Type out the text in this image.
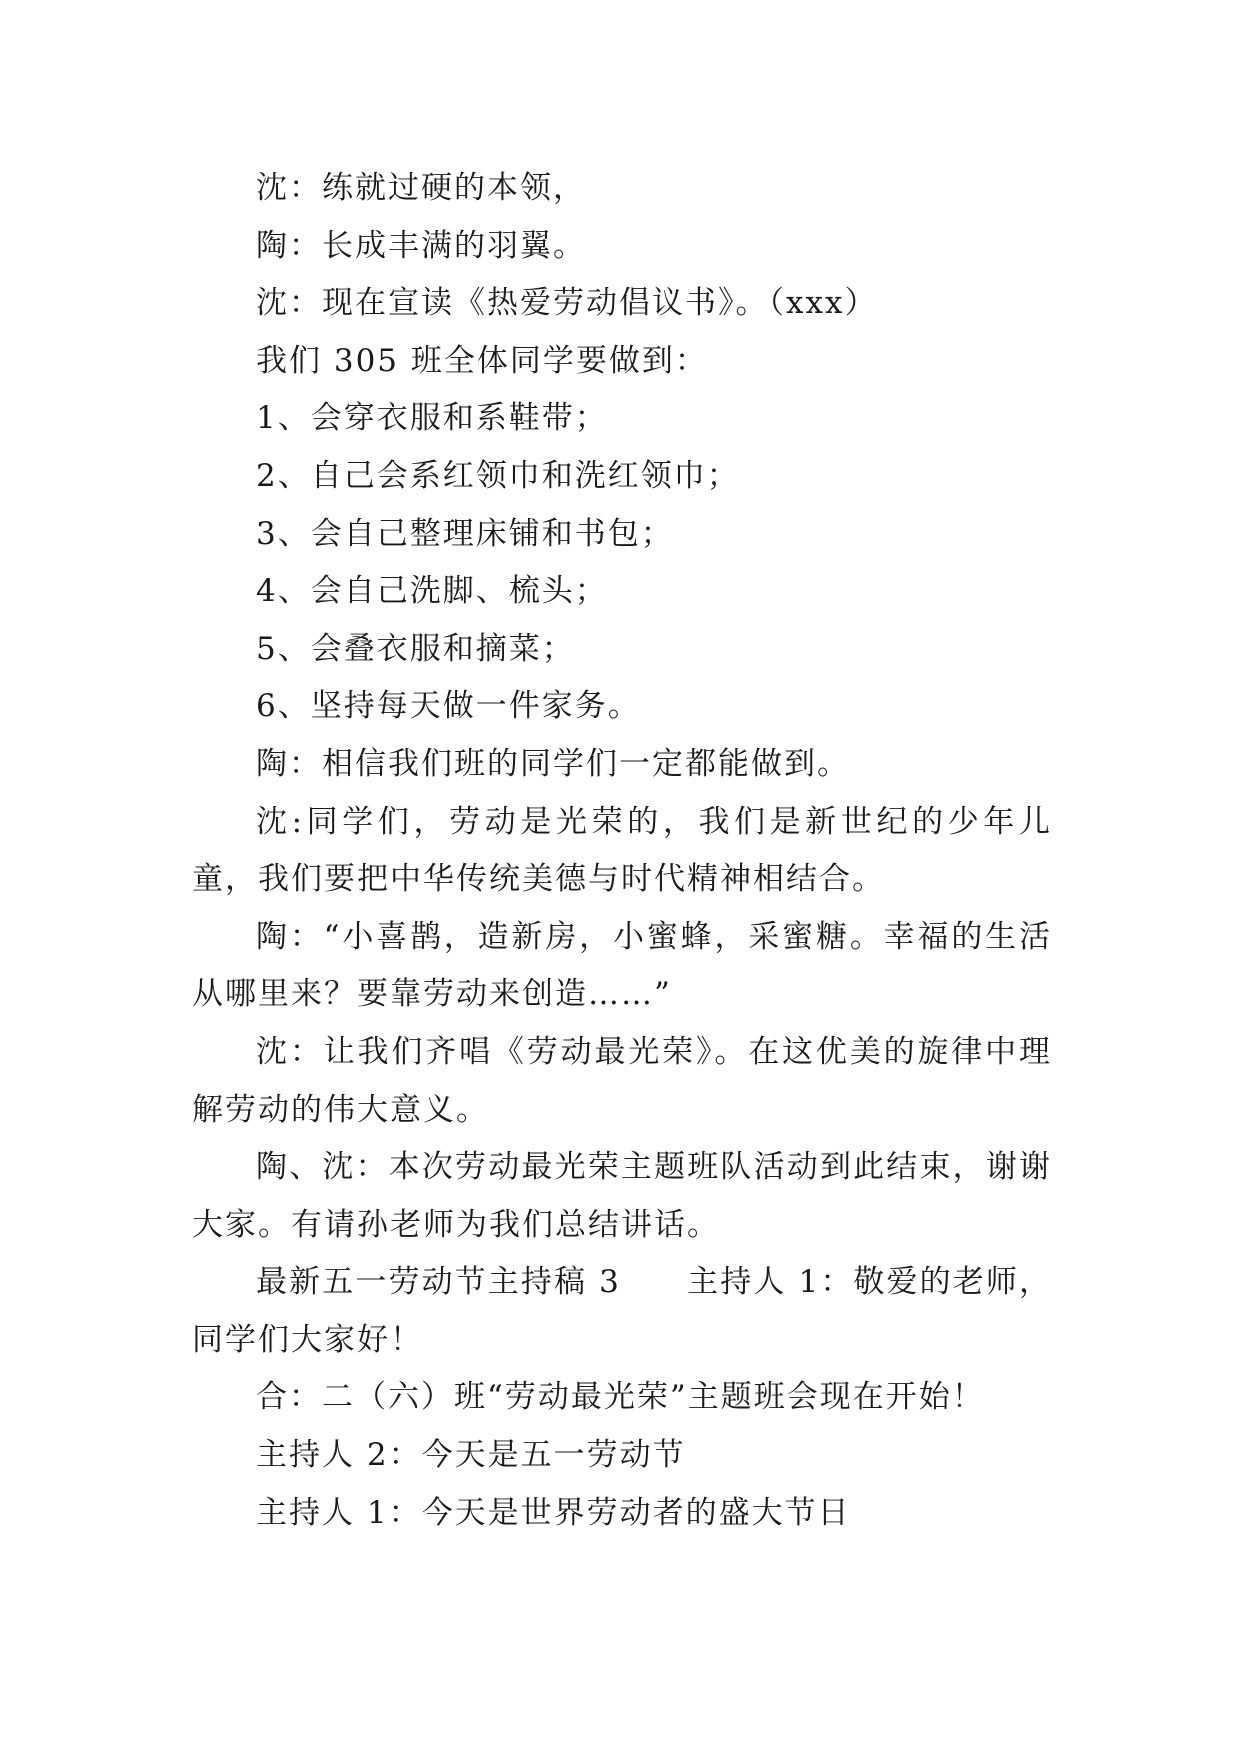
沈：练就过硬的本领，

陶：长成丰满的羽翼。

沈：现在宣读《热爱劳动倡议书》。（xxx）

我们 305 班全体同学要做到：

1、会穿衣服和系鞋带；

2、自己会系红领巾和洗红领巾；

3、会自己整理床铺和书包；

4、会自己洗脚、梳头；

5、会叠衣服和摘菜；

6、坚持每天做一件家务。

陶：相信我们班的同学们一定都能做到。

沈:同学们，劳动是光荣的，我们是新世纪的少年儿童，我们要把中华传统美德与时代精神相结合。

陶：“小喜鹊，造新房，小蜜蜂，采蜜糖。幸福的生活从哪里来？要靠劳动来创造……”

沈：让我们齐唱《劳动最光荣》。在这优美的旋律中理解劳动的伟大意义。

陶、沈：本次劳动最光荣主题班队活动到此结束，谢谢大家。有请孙老师为我们总结讲话。

最新五一劳动节主持稿 3　　主持人 1：敬爱的老师，同学们大家好！

合：二（六）班“劳动最光荣”主题班会现在开始！

主持人 2：今天是五一劳动节

主持人 1：今天是世界劳动者的盛大节日
